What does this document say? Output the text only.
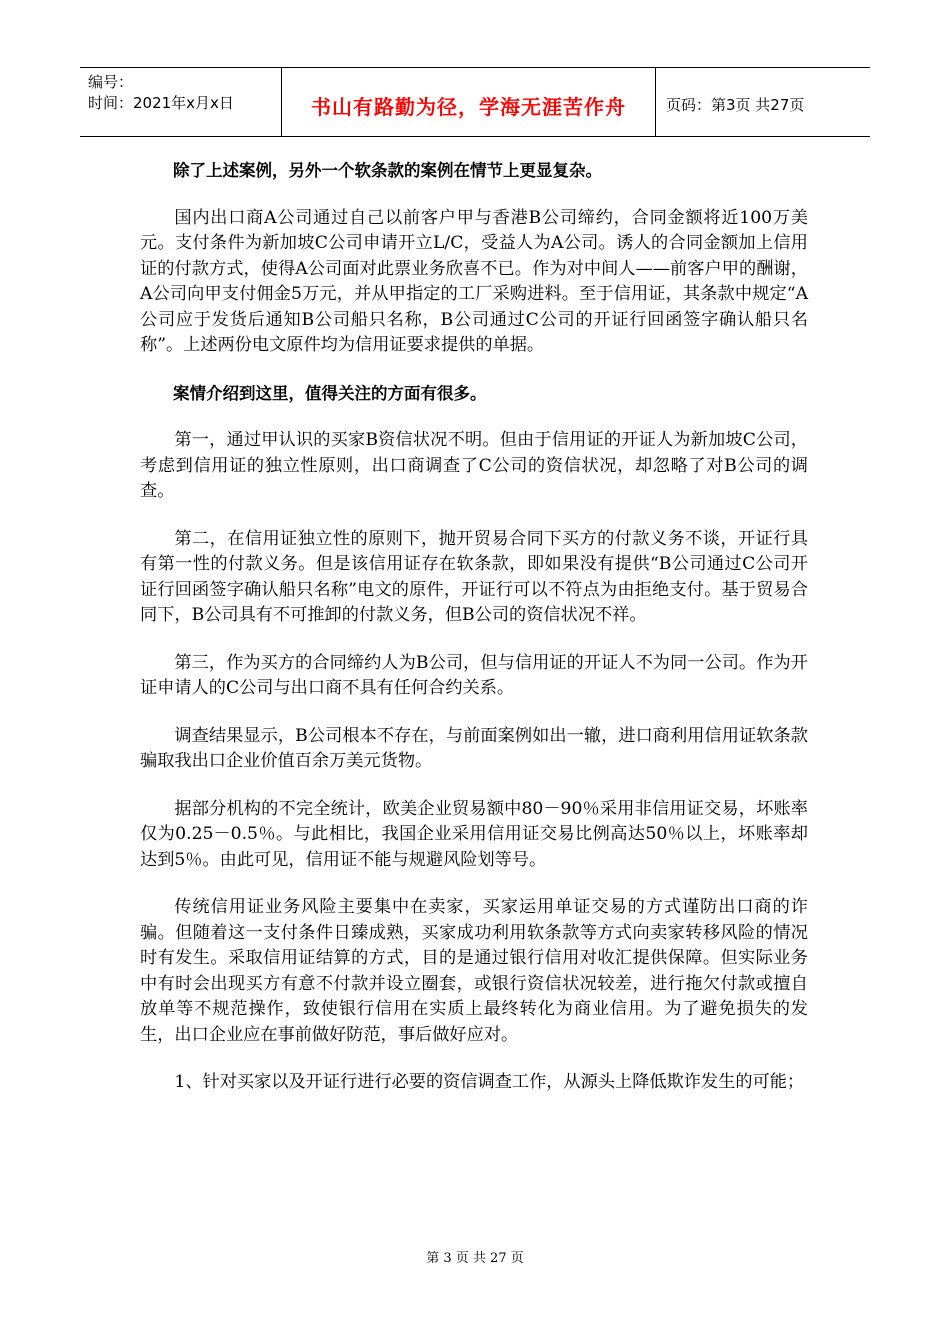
编号：
时间：2021年x月x日	书山有路勤为径，学海无涯苦作舟	页码：第3页 共27页

除了上述案例，另外一个软条款的案例在情节上更显复杂。

国内出口商A公司通过自己以前客户甲与香港B公司缔约，合同金额将近100万美元。支付条件为新加坡C公司申请开立L/C，受益人为A公司。诱人的合同金额加上信用证的付款方式，使得A公司面对此票业务欣喜不已。作为对中间人——前客户甲的酬谢，A公司向甲支付佣金5万元，并从甲指定的工厂采购进料。至于信用证，其条款中规定“A公司应于发货后通知B公司船只名称，B公司通过C公司的开证行回函签字确认船只名称”。上述两份电文原件均为信用证要求提供的单据。

案情介绍到这里，值得关注的方面有很多。

第一，通过甲认识的买家B资信状况不明。但由于信用证的开证人为新加坡C公司，考虑到信用证的独立性原则，出口商调查了C公司的资信状况，却忽略了对B公司的调查。

第二，在信用证独立性的原则下，抛开贸易合同下买方的付款义务不谈，开证行具有第一性的付款义务。但是该信用证存在软条款，即如果没有提供“B公司通过C公司开证行回函签字确认船只名称”电文的原件，开证行可以不符点为由拒绝支付。基于贸易合同下，B公司具有不可推卸的付款义务，但B公司的资信状况不祥。

第三，作为买方的合同缔约人为B公司，但与信用证的开证人不为同一公司。作为开证申请人的C公司与出口商不具有任何合约关系。

调查结果显示，B公司根本不存在，与前面案例如出一辙，进口商利用信用证软条款骗取我出口企业价值百余万美元货物。

据部分机构的不完全统计，欧美企业贸易额中80－90％采用非信用证交易，坏账率仅为0.25－0.5％。与此相比，我国企业采用信用证交易比例高达50％以上，坏账率却达到5％。由此可见，信用证不能与规避风险划等号。

传统信用证业务风险主要集中在卖家，买家运用单证交易的方式谨防出口商的诈骗。但随着这一支付条件日臻成熟，买家成功利用软条款等方式向卖家转移风险的情况时有发生。采取信用证结算的方式，目的是通过银行信用对收汇提供保障。但实际业务中有时会出现买方有意不付款并设立圈套，或银行资信状况较差，进行拖欠付款或擅自放单等不规范操作，致使银行信用在实质上最终转化为商业信用。为了避免损失的发生，出口企业应在事前做好防范，事后做好应对。

1、针对买家以及开证行进行必要的资信调查工作，从源头上降低欺诈发生的可能；

第 3 页 共 27 页
